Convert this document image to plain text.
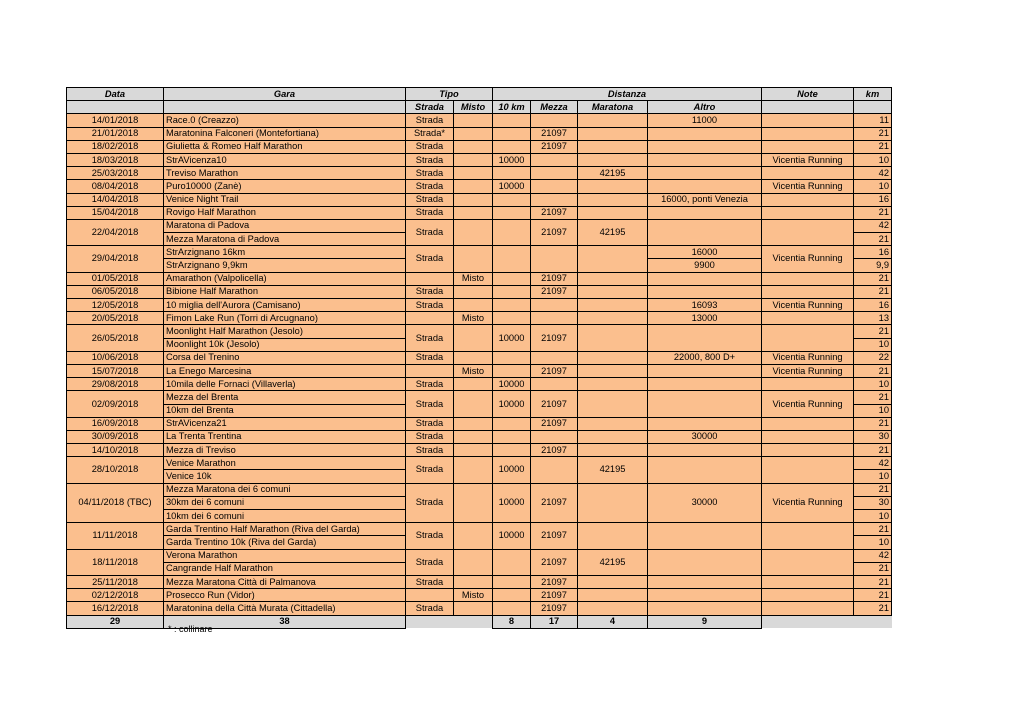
Data	Gara	Tipo		Distanza				Note	km
		Strada	Misto	10 km	Mezza	Maratona	Altro		
14/01/2018	Race.0 (Creazzo)	Strada					11000		11
21/01/2018	Maratonina Falconeri (Montefortiana)	Strada*			21097				21
18/02/2018	Giulietta & Romeo Half Marathon	Strada			21097				21
18/03/2018	StrAVicenza10	Strada		10000				Vicentia Running	10
25/03/2018	Treviso Marathon	Strada				42195			42
08/04/2018	Puro10000 (Zanè)	Strada		10000				Vicentia Running	10
14/04/2018	Venice Night Trail	Strada					16000, ponti Venezia		16
15/04/2018	Rovigo Half Marathon	Strada			21097				21
22/04/2018	Maratona di Padova	Strada			21097	42195			42
	Mezza Maratona di Padova								21
29/04/2018	StrArzignano 16km	Strada					16000	Vicentia Running	16
	StrArzignano 9,9km						9900		9,9
01/05/2018	Amarathon (Valpolicella)		Misto		21097				21
06/05/2018	Bibione Half Marathon	Strada			21097				21
12/05/2018	10 miglia dell'Aurora (Camisano)	Strada					16093	Vicentia Running	16
20/05/2018	Fimon Lake Run (Torri di Arcugnano)		Misto				13000		13
26/05/2018	Moonlight Half Marathon (Jesolo)	Strada		10000	21097				21
	Moonlight 10k (Jesolo)								10
10/06/2018	Corsa del Trenino	Strada					22000, 800 D+	Vicentia Running	22
15/07/2018	La Enego Marcesina		Misto		21097			Vicentia Running	21
29/08/2018	10mila delle Fornaci (Villaverla)	Strada		10000					10
02/09/2018	Mezza del Brenta	Strada		10000	21097			Vicentia Running	21
	10km del Brenta								10
16/09/2018	StrAVicenza21	Strada			21097				21
30/09/2018	La Trenta Trentina	Strada					30000		30
14/10/2018	Mezza di Treviso	Strada			21097				21
28/10/2018	Venice Marathon	Strada		10000		42195			42
	Venice 10k								10
04/11/2018 (TBC)	Mezza Maratona dei 6 comuni	Strada		10000	21097		30000	Vicentia Running	21
	30km dei 6 comuni								30
	10km dei 6 comuni								10
11/11/2018	Garda Trentino Half Marathon (Riva del Garda)	Strada		10000	21097				21
	Garda Trentino 10k (Riva del Garda)								10
18/11/2018	Verona Marathon	Strada			21097	42195			42
	Cangrande Half Marathon								21
25/11/2018	Mezza Maratona Città di Palmanova	Strada			21097				21
02/12/2018	Prosecco Run (Vidor)		Misto		21097				21
16/12/2018	Maratonina della Città Murata (Cittadella)	Strada			21097				21
29	38			8	17	4	9		
* : collinare
